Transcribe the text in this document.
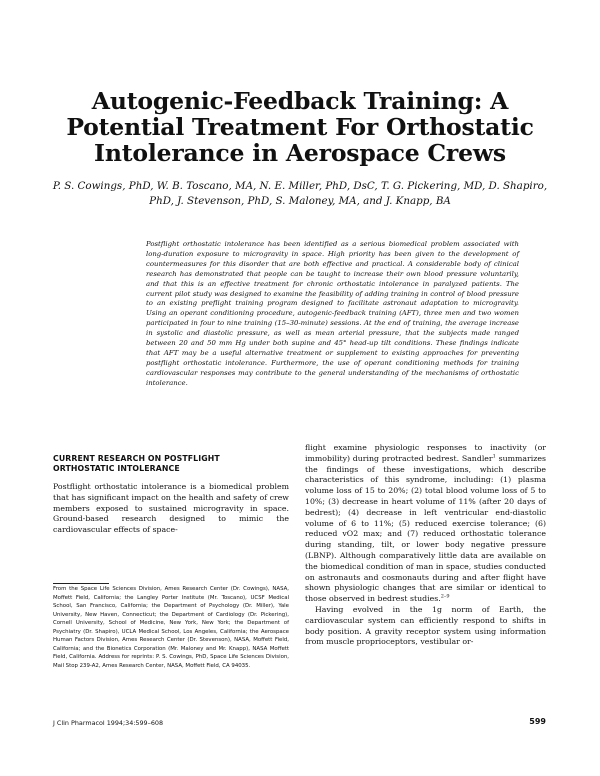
Autogenic-Feedback Training: A Potential Treatment For Orthostatic Intolerance in Aerospace Crews

P. S. Cowings, PhD, W. B. Toscano, MA, N. E. Miller, PhD, DsC, T. G. Pickering, MD, D. Shapiro, PhD, J. Stevenson, PhD, S. Maloney, MA, and J. Knapp, BA

Postflight orthostatic intolerance has been identified as a serious biomedical problem associated with long-duration exposure to microgravity in space. High priority has been given to the development of countermeasures for this disorder that are both effective and practical. A considerable body of clinical research has demonstrated that people can be taught to increase their own blood pressure voluntarily, and that this is an effective treatment for chronic orthostatic intolerance in paralyzed patients. The current pilot study was designed to examine the feasibility of adding training in control of blood pressure to an existing preflight training program designed to facilitate astronaut adaptation to microgravity. Using an operant conditioning procedure, autogenic-feedback training (AFT), three men and two women participated in four to nine training (15–30-minute) sessions. At the end of training, the average increase in systolic and diastolic pressure, as well as mean arterial pressure, that the subjects made ranged between 20 and 50 mm Hg under both supine and 45° head-up tilt conditions. These findings indicate that AFT may be a useful alternative treatment or supplement to existing approaches for preventing postflight orthostatic intolerance. Furthermore, the use of operant conditioning methods for training cardiovascular responses may contribute to the general understanding of the mechanisms of orthostatic intolerance.

CURRENT RESEARCH ON POSTFLIGHT
ORTHOSTATIC INTOLERANCE

Postflight orthostatic intolerance is a biomedical problem that has significant impact on the health and safety of crew members exposed to sustained microgravity in space. Ground-based research designed to mimic the cardiovascular effects of space-

From the Space Life Sciences Division, Ames Research Center (Dr. Cowings), NASA, Moffett Field, California; the Langley Porter Institute (Mr. Toscano), UCSF Medical School, San Francisco, California; the Department of Psychology (Dr. Miller), Yale University, New Haven, Connecticut; the Department of Cardiology (Dr. Pickering), Cornell University, School of Medicine, New York, New York; the Department of Psychiatry (Dr. Shapiro), UCLA Medical School, Los Angeles, California; the Aerospace Human Factors Division, Ames Research Center (Dr. Stevenson), NASA, Moffett Field, California; and the Bionetics Corporation (Mr. Maloney and Mr. Knapp), NASA Moffett Field, California. Address for reprints: P. S. Cowings, PhD, Space Life Sciences Division, Mail Stop 239-A2, Ames Research Center, NASA, Moffett Field, CA 94035.

flight examine physiologic responses to inactivity (or immobility) during protracted bedrest. Sandler$^1$ summarizes the findings of these investigations, which describe characteristics of this syndrome, including: (1) plasma volume loss of 15 to 20%; (2) total blood volume loss of 5 to 10%; (3) decrease in heart volume of 11% (after 20 days of bedrest); (4) decrease in left ventricular end-diastolic volume of 6 to 11%; (5) reduced exercise tolerance; (6) reduced vO2 max; and (7) reduced orthostatic tolerance during standing, tilt, or lower body negative pressure (LBNP). Although comparatively little data are available on the biomedical condition of man in space, studies conducted on astronauts and cosmonauts during and after flight have shown physiologic changes that are similar or identical to those observed in bedrest studies.$^{2-9}$

Having evolved in the 1g norm of Earth, the cardiovascular system can efficiently respond to shifts in body position. A gravity receptor system using information from muscle proprioceptors, vestibular or-

J Clin Pharmacol 1994;34:599–608	599
